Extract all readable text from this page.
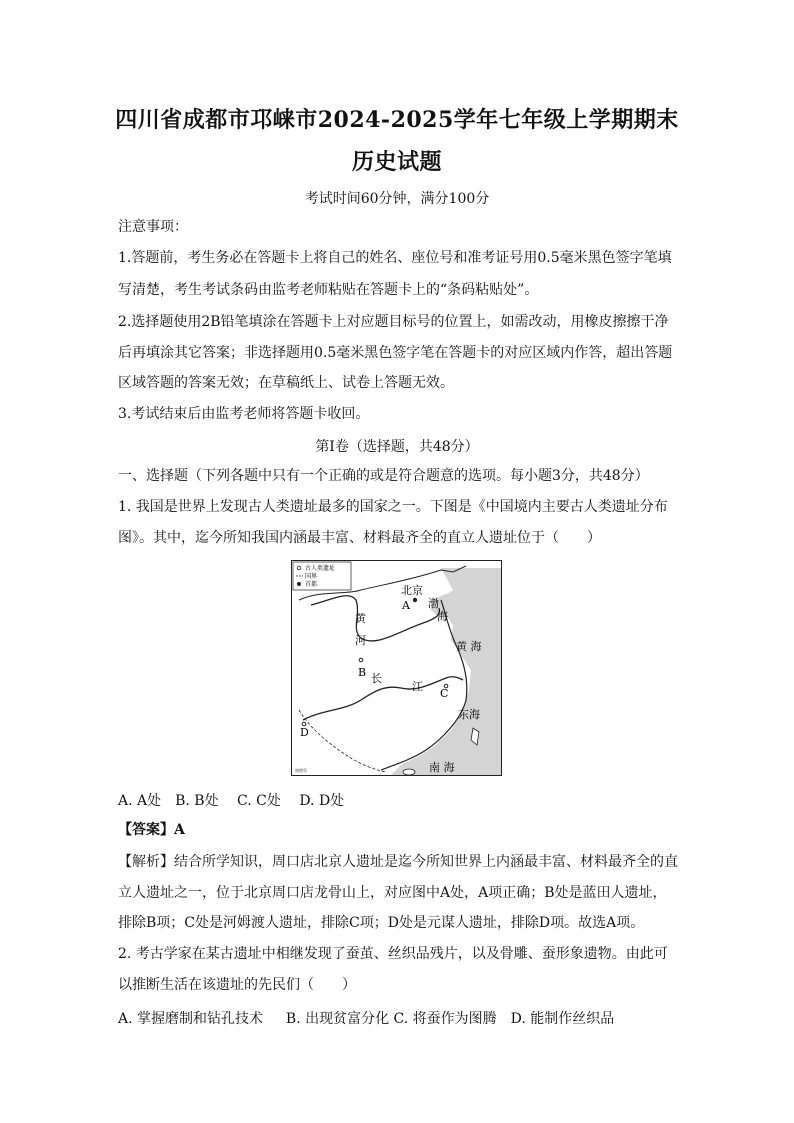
四川省成都市邛崃市2024-2025学年七年级上学期期末
历史试题
考试时间60分钟，满分100分
注意事项：
1.答题前，考生务必在答题卡上将自己的姓名、座位号和准考证号用0.5毫米黑色签字笔填
写清楚，考生考试条码由监考老师粘贴在答题卡上的“条码粘贴处”。
2.选择题使用2B铅笔填涂在答题卡上对应题目标号的位置上，如需改动，用橡皮擦擦干净
后再填涂其它答案；非选择题用0.5毫米黑色签字笔在答题卡的对应区域内作答，超出答题
区域答题的答案无效；在草稿纸上、试卷上答题无效。
3.考试结束后由监考老师将答题卡收回。
第Ⅰ卷（选择题，共48分）
一、选择题（下列各题中只有一个正确的或是符合题意的选项。每小题3分，共48分）
1. 我国是世界上发现古人类遗址最多的国家之一。下图是《中国境内主要古人类遗址分布
图》。其中，迄今所知我国内涵最丰富、材料最齐全的直立人遗址位于（　　）
古人类遗址
国界
首都	北京
A 渤
海
黄
河	黄 海
B 长
江
C
东海
D
南 海
审图号
A. A处　B. B处　 C. C处　 D. D处
【答案】A
【解析】结合所学知识，周口店北京人遗址是迄今所知世界上内涵最丰富、材料最齐全的直
立人遗址之一，位于北京周口店龙骨山上，对应图中A处，A项正确；B处是蓝田人遗址，
排除B项；C处是河姆渡人遗址，排除C项；D处是元谋人遗址，排除D项。故选A项。
2. 考古学家在某古遗址中相继发现了蚕茧、丝织品残片，以及骨雕、蚕形象遗物。由此可
以推断生活在该遗址的先民们（　　）
A. 掌握磨制和钻孔技术　  B. 出现贫富分化 C. 将蚕作为图腾　D. 能制作丝织品
